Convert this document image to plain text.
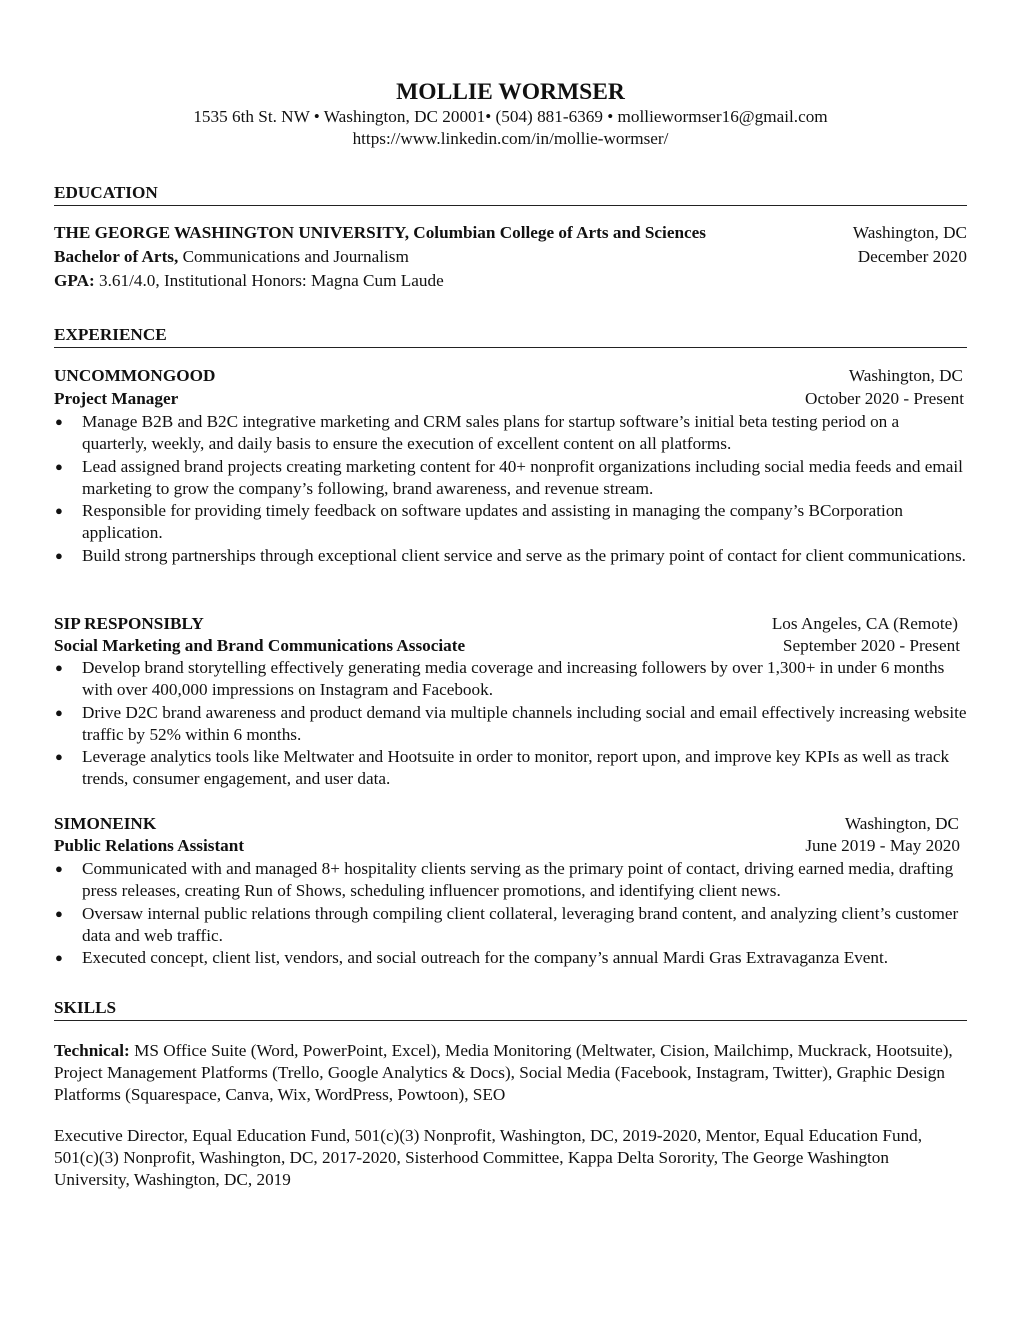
MOLLIE WORMSER
1535 6th St. NW • Washington, DC 20001• (504) 881-6369 • molliewormser16@gmail.com
https://www.linkedin.com/in/mollie-wormser/
EDUCATION
THE GEORGE WASHINGTON UNIVERSITY, Columbian College of Arts and Sciences	Washington, DC
Bachelor of Arts, Communications and Journalism	December 2020
GPA:
3.61/4.0, Institutional Honors: Magna Cum Laude
EXPERIENCE
UNCOMMONGOOD	Washington, DC
Project Manager	October 2020 - Present
● Manage B2B and B2C integrative marketing and CRM sales plans for startup software’s initial beta testing period on a quarterly, weekly, and daily basis to ensure the execution of excellent content on all platforms.
● Lead assigned brand projects creating marketing content for 40+ nonprofit organizations including social media feeds and email marketing to grow the company’s following, brand awareness, and revenue stream.
● Responsible for providing timely feedback on software updates and assisting in managing the company’s BCorporation application.
● Build strong partnerships through exceptional client service and serve as the primary point of contact for client communications.
SIP RESPONSIBLY	Los Angeles, CA (Remote)
Social Marketing and Brand Communications Associate	September 2020 - Present
● Develop brand storytelling effectively generating media coverage and increasing followers by over 1,300+ in under 6 months with over 400,000 impressions on Instagram and Facebook.
● Drive D2C brand awareness and product demand via multiple channels including social and email effectively increasing website traffic by 52% within 6 months.
● Leverage analytics tools like Meltwater and Hootsuite in order to monitor, report upon, and improve key KPIs as well as track trends, consumer engagement, and user data.
SIMONEINK	Washington, DC
Public Relations Assistant	June 2019 - May 2020
● Communicated with and managed 8+ hospitality clients serving as the primary point of contact, driving earned media, drafting press releases, creating Run of Shows, scheduling influencer promotions, and identifying client news.
● Oversaw internal public relations through compiling client collateral, leveraging brand content, and analyzing client’s customer data and web traffic.
● Executed concept, client list, vendors, and social outreach for the company’s annual Mardi Gras Extravaganza Event.
SKILLS
Technical: MS Office Suite (Word, PowerPoint, Excel), Media Monitoring (Meltwater, Cision, Mailchimp, Muckrack, Hootsuite), Project Management Platforms (Trello, Google Analytics & Docs), Social Media (Facebook, Instagram, Twitter), Graphic Design Platforms (Squarespace, Canva, Wix, WordPress, Powtoon), SEO
Executive Director, Equal Education Fund, 501(c)(3) Nonprofit, Washington, DC, 2019-2020, Mentor, Equal Education Fund, 501(c)(3) Nonprofit, Washington, DC, 2017-2020, Sisterhood Committee, Kappa Delta Sorority, The George Washington University, Washington, DC, 2019
